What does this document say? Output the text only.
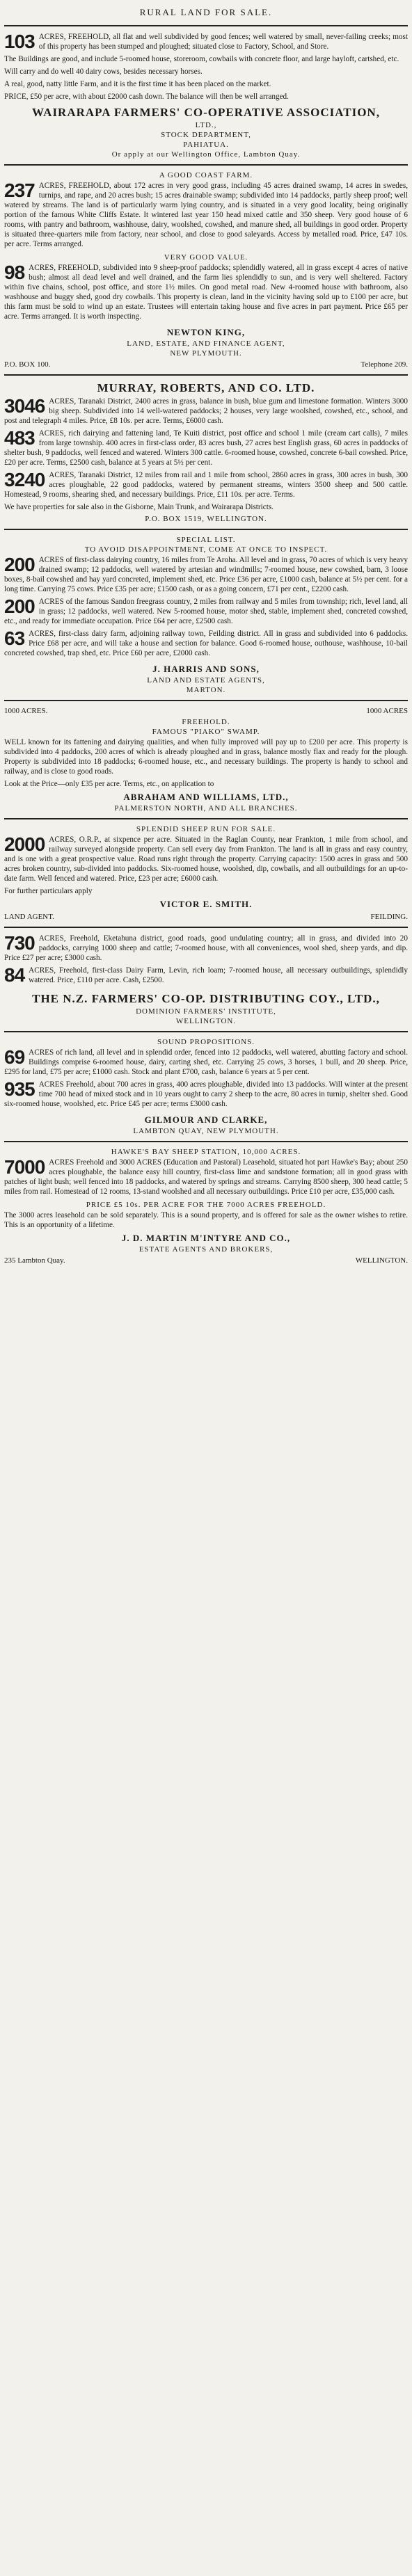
RURAL LAND FOR SALE.

103 ACRES, FREEHOLD, all flat and well subdivided by good fences; well watered by small, never-failing creeks; most of this property has been stumped and ploughed; situated close to Factory, School, and Store.

The Buildings are good, and include 5-roomed house, storeroom, cowbails with concrete floor, and large hayloft, cartshed, etc.

Will carry and do well 40 dairy cows, besides necessary horses.

A real, good, natty little Farm, and it is the first time it has been placed on the market.

PRICE, £50 per acre, with about £2000 cash down. The balance will then be well arranged.

WAIRARAPA FARMERS' CO-OPERATIVE ASSOCIATION,
LTD.,
STOCK DEPARTMENT,
PAHIATUA.
Or apply at our Wellington Office, Lambton Quay.
A GOOD COAST FARM.

237 ACRES, FREEHOLD, about 172 acres in very good grass, including 45 acres drained swamp, 14 acres in swedes, turnips, and rape, and 20 acres bush; 15 acres drainable swamp; subdivided into 14 paddocks, partly sheep proof; well watered by streams. The land is of particularly warm lying country, and is situated in a very good locality, being originally portion of the famous White Cliffs Estate. It wintered last year 150 head mixed cattle and 350 sheep. Very good house of 6 rooms, with pantry and bathroom, washhouse, dairy, woolshed, cowshed, and manure shed, all buildings in good order. Property is situated three-quarters mile from factory, near school, and close to good saleyards. Access by metalled road. Price, £47 10s. per acre. Terms arranged.

VERY GOOD VALUE.

98 ACRES, FREEHOLD, subdivided into 9 sheep-proof paddocks; splendidly watered, all in grass except 4 acres of native bush; almost all dead level and well drained, and the farm lies splendidly to sun, and is very well sheltered. Factory within five chains, school, post office, and store 1½ miles. On good metal road. New 4-roomed house with bathroom, also washhouse and buggy shed, good dry cowbails. This property is clean, land in the vicinity having sold up to £100 per acre, but this farm must be sold to wind up an estate. Trustees will entertain taking house and five acres in part payment. Price £65 per acre. Terms arranged. It is worth inspecting.

NEWTON KING,
LAND, ESTATE, AND FINANCE AGENT,
NEW PLYMOUTH.
P.O. BOX 100.	Telephone 209.
MURRAY, ROBERTS, AND CO. LTD.

3046 ACRES, Taranaki District, 2400 acres in grass, balance in bush, blue gum and limestone formation. Winters 3000 big sheep. Subdivided into 14 well-watered paddocks; 2 houses, very large woolshed, cowshed, etc., school, and post and telegraph 4 miles. Price, £8 10s. per acre. Terms, £6000 cash.

483 ACRES, rich dairying and fattening land, Te Kuiti district, post office and school 1 mile (cream cart calls), 7 miles from large township. 400 acres in first-class order, 83 acres bush, 27 acres best English grass, 60 acres in paddocks of shelter bush, 9 paddocks, well fenced and watered. Winters 300 cattle. 6-roomed house, cowshed, concrete 6-bail cowshed. Price, £20 per acre. Terms, £2500 cash, balance at 5 years at 5½ per cent.

3240 ACRES, Taranaki District, 12 miles from rail and 1 mile from school, 2860 acres in grass, 300 acres in bush, 300 acres ploughable, 22 good paddocks, watered by permanent streams, winters 3500 sheep and 500 cattle. Homestead, 9 rooms, shearing shed, and necessary buildings. Price, £11 10s. per acre. Terms.

We have properties for sale also in the Gisborne, Main Trunk, and Wairarapa Districts.

P.O. BOX 1519, WELLINGTON.
SPECIAL LIST.
TO AVOID DISAPPOINTMENT, COME AT ONCE TO INSPECT.

200 ACRES of first-class dairying country, 16 miles from Te Aroha. All level and in grass, 70 acres of which is very heavy drained swamp; 12 paddocks, well watered by artesian and windmills; 7-roomed house, new cowshed, barn, 3 loose boxes, 8-bail cowshed and hay yard concreted, implement shed, etc. Price £36 per acre, £1000 cash, balance at 5½ per cent. for a long time. Carrying 75 cows. Price £35 per acre; £1500 cash, or as a going concern, £71 per cent., £2200 cash.

200 ACRES of the famous Sandon freegrass country, 2 miles from railway and 5 miles from township; rich, level land, all in grass; 12 paddocks, well watered. New 5-roomed house, motor shed, stable, implement shed, concreted cowshed, etc., and ready for immediate occupation. Price £64 per acre, £2500 cash.

63 ACRES, first-class dairy farm, adjoining railway town, Feilding district. All in grass and subdivided into 6 paddocks. Price £68 per acre, and will take a house and section for balance. Good 6-roomed house, outhouse, washhouse, 10-bail concreted cowshed, trap shed, etc. Price £60 per acre, £2000 cash.

J. HARRIS AND SONS,
LAND AND ESTATE AGENTS,
MARTON.
1000 ACRES.	1000 ACRES
FREEHOLD.
FAMOUS "PIAKO" SWAMP.

WELL known for its fattening and dairying qualities, and when fully improved will pay up to £200 per acre. This property is subdivided into 4 paddocks, 200 acres of which is already ploughed and in grass, balance mostly flax and ready for the plough. Property is subdivided into 18 paddocks; 6-roomed house, etc., and necessary buildings. The property is handy to school and railway, and is close to good roads.

Look at the Price—only £35 per acre. Terms, etc., on application to

ABRAHAM AND WILLIAMS, LTD.,
PALMERSTON NORTH, AND ALL BRANCHES.
SPLENDID SHEEP RUN FOR SALE.

2000 ACRES, O.R.P., at sixpence per acre. Situated in the Raglan County, near Frankton, 1 mile from school, and railway surveyed alongside property. Can sell every day from Frankton. The land is all in grass and easy country, and is one with a great prospective value. Road runs right through the property. Carrying capacity: 1500 acres in grass and 500 acres broken country, sub-divided into paddocks. Six-roomed house, woolshed, dip, cowbails, and all outbuildings for an up-to-date farm. Well fenced and watered. Price, £23 per acre; £6000 cash.

For further particulars apply

VICTOR E. SMITH.
LAND AGENT.	FEILDING.

730 ACRES, Freehold, Eketahuna district, good roads, good undulating country; all in grass, and divided into 20 paddocks, carrying 1000 sheep and cattle; 7-roomed house, with all conveniences, wool shed, sheep yards, and dip. Price £27 per acre; £3000 cash.

84 ACRES, Freehold, first-class Dairy Farm, Levin, rich loam; 7-roomed house, all necessary outbuildings, splendidly watered. Price, £110 per acre. Cash, £2500.

THE N.Z. FARMERS' CO-OP. DISTRIBUTING COY., LTD.,
DOMINION FARMERS' INSTITUTE,
WELLINGTON.
SOUND PROPOSITIONS.

69 ACRES of rich land, all level and in splendid order, fenced into 12 paddocks, well watered, abutting factory and school. Buildings comprise 6-roomed house, dairy, carting shed, etc. Carrying 25 cows, 3 horses, 1 bull, and 20 sheep. Price, £295 for land, £75 per acre; £1000 cash. Stock and plant £700, cash, balance 6 years at 5 per cent.

935 ACRES Freehold, about 700 acres in grass, 400 acres ploughable, divided into 13 paddocks. Will winter at the present time 700 head of mixed stock and in 10 years ought to carry 2 sheep to the acre, 80 acres in turnip, shelter shed. Good six-roomed house, woolshed, etc. Price £45 per acre; terms £3000 cash.

GILMOUR AND CLARKE,
LAMBTON QUAY, NEW PLYMOUTH.
HAWKE'S BAY SHEEP STATION, 10,000 ACRES.

7000 ACRES Freehold and 3000 ACRES (Education and Pastoral) Leasehold, situated hot part Hawke's Bay; about 250 acres ploughable, the balance easy hill country, first-class lime and sandstone formation; all in good grass with patches of light bush; well fenced into 18 paddocks, and watered by springs and streams. Carrying 8500 sheep, 300 head cattle; 5 miles from rail. Homestead of 12 rooms, 13-stand woolshed and all necessary outbuildings. Price £10 per acre, £35,000 cash.

PRICE £5 10s. PER ACRE FOR THE 7000 ACRES FREEHOLD.

The 3000 acres leasehold can be sold separately. This is a sound property, and is offered for sale as the owner wishes to retire. This is an opportunity of a lifetime.

J. D. MARTIN M'INTYRE AND CO.,
ESTATE AGENTS AND BROKERS,
235 Lambton Quay.	WELLINGTON.
